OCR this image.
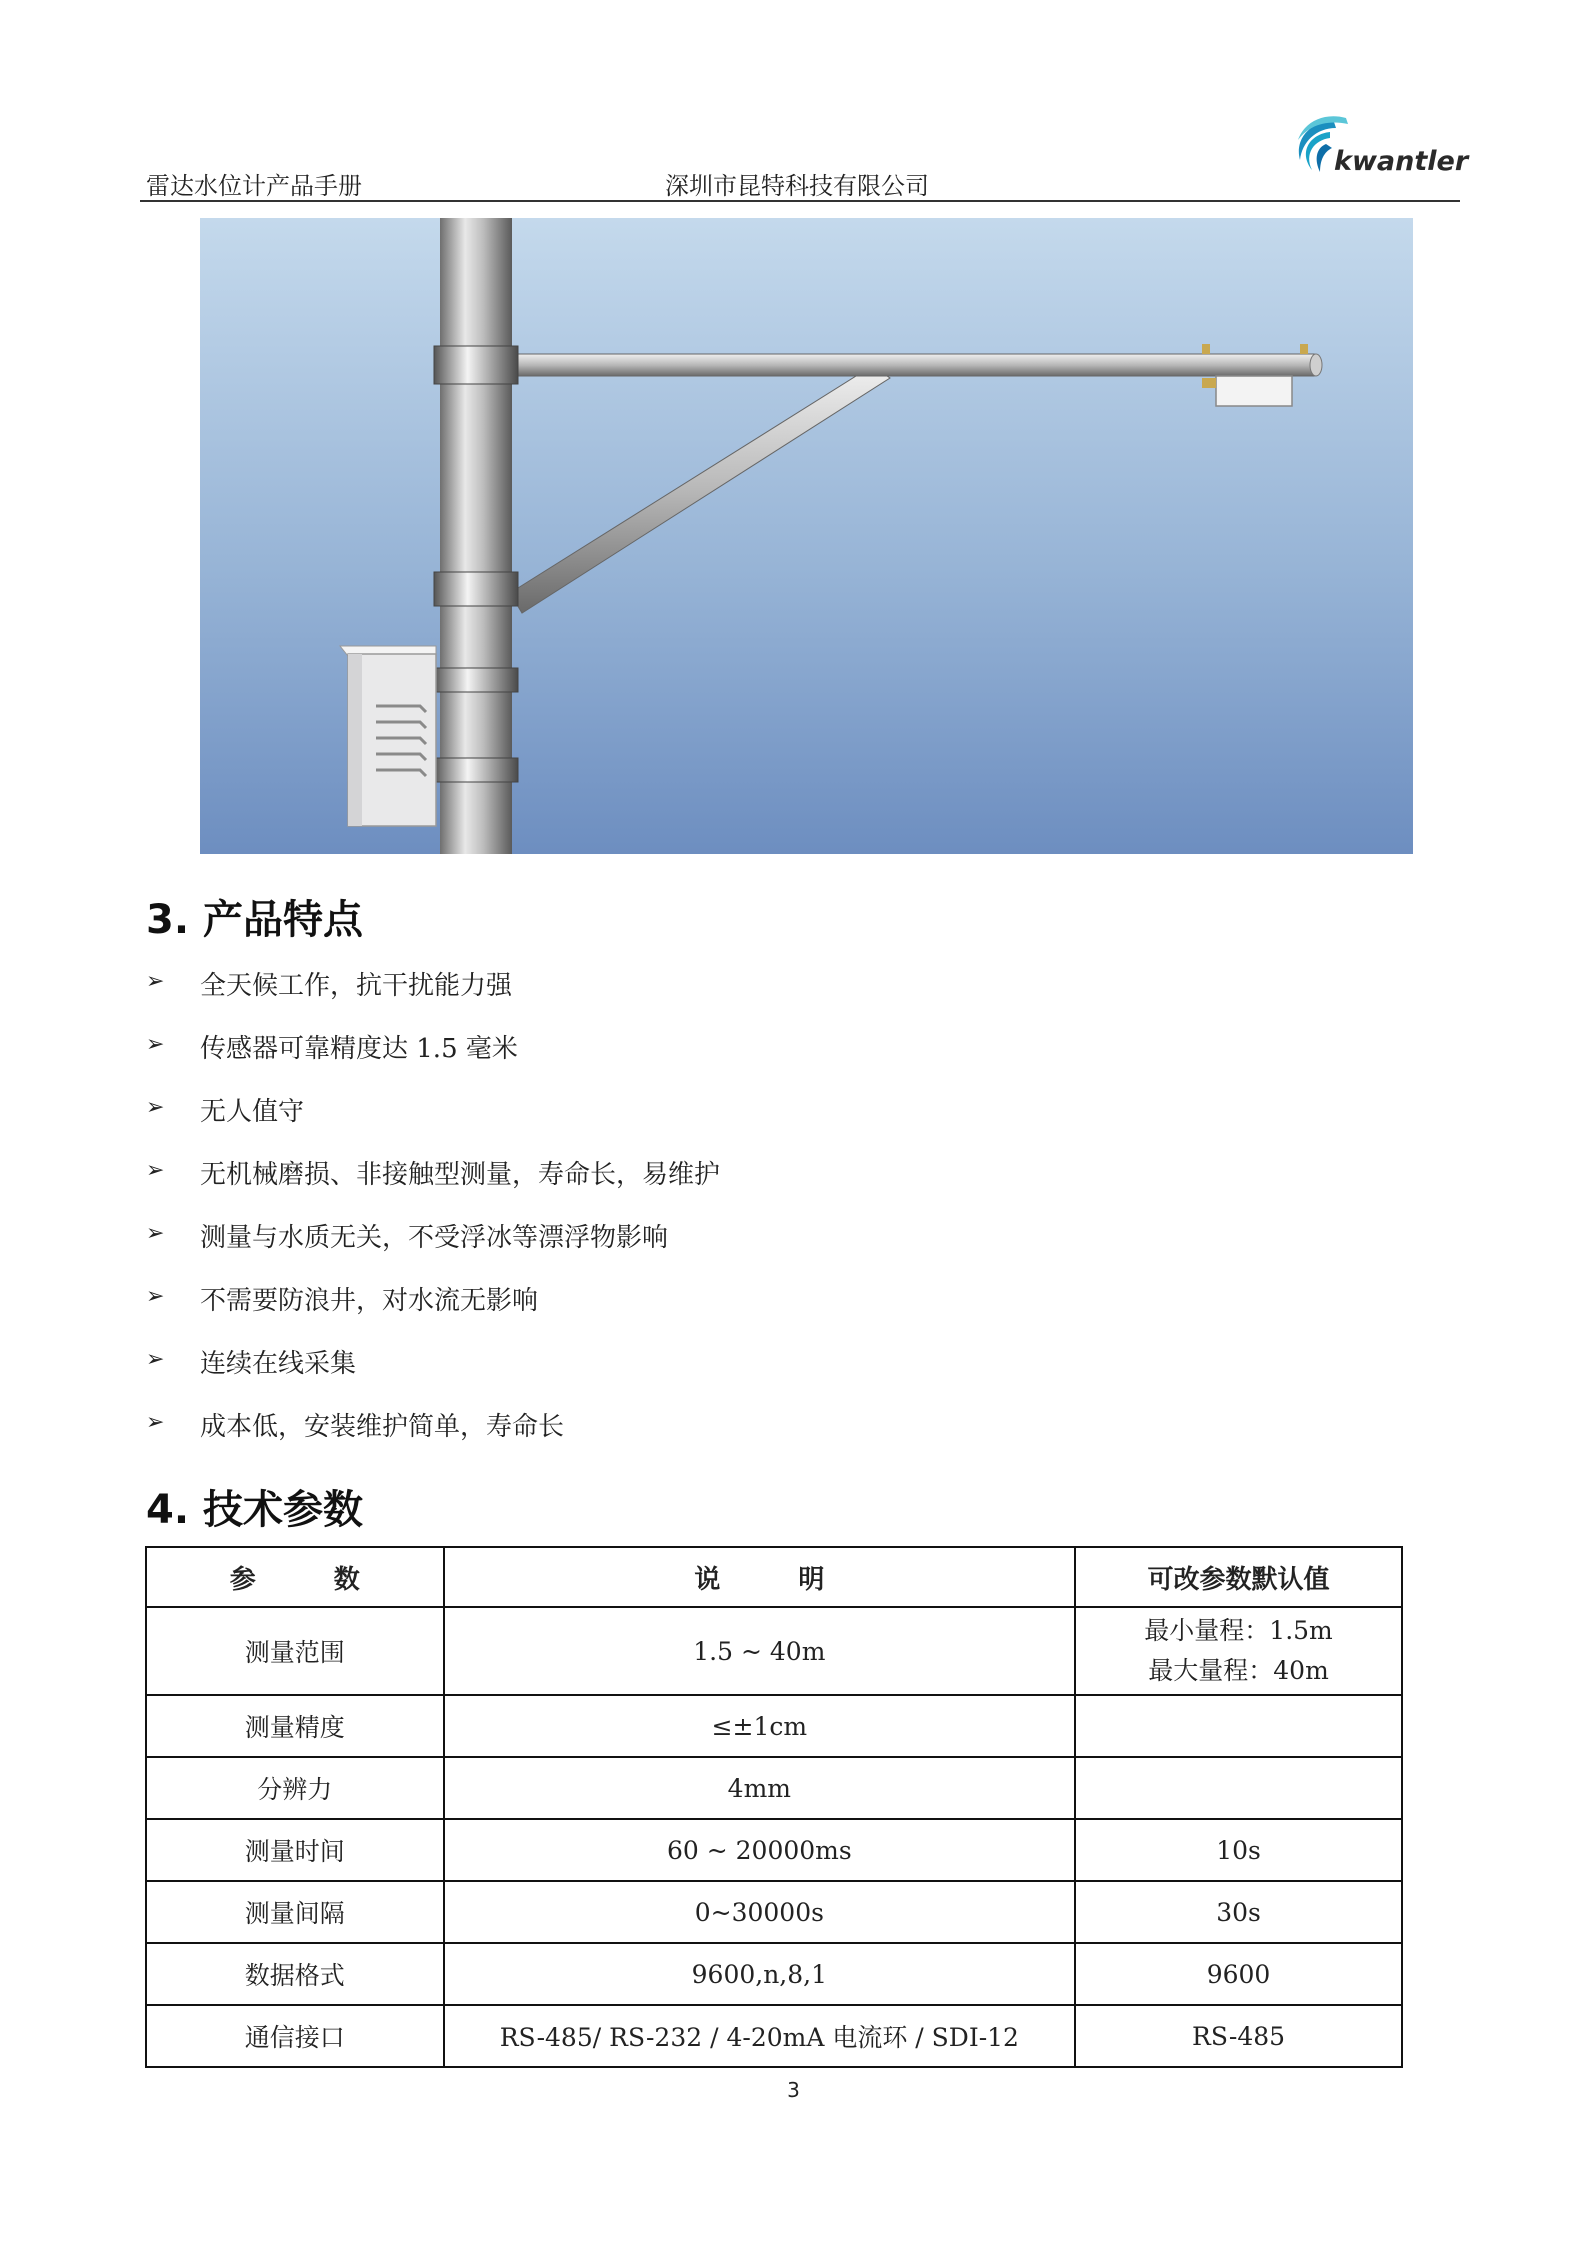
雷达水位计产品手册	深圳市昆特科技有限公司
kwantler
3. 产品特点
➢	全天候工作，抗干扰能力强
➢	传感器可靠精度达 1.5 毫米
➢	无人值守
➢	无机械磨损、非接触型测量，寿命长，易维护
➢	测量与水质无关，不受浮冰等漂浮物影响
➢	不需要防浪井，对水流无影响
➢	连续在线采集
➢	成本低，安装维护简单，寿命长
4. 技术参数
参　　　数	说　　　明	可改参数默认值
测量范围	1.5 ~ 40m	最小量程：1.5m
最大量程：40m

测量精度	≤±1cm	
分辨力	4mm	
测量时间	60 ~ 20000ms	10s
测量间隔	0~30000s	30s
数据格式	9600,n,8,1	9600
通信接口	RS-485/ RS-232 / 4-20mA 电流环 / SDI-12	RS-485
3
